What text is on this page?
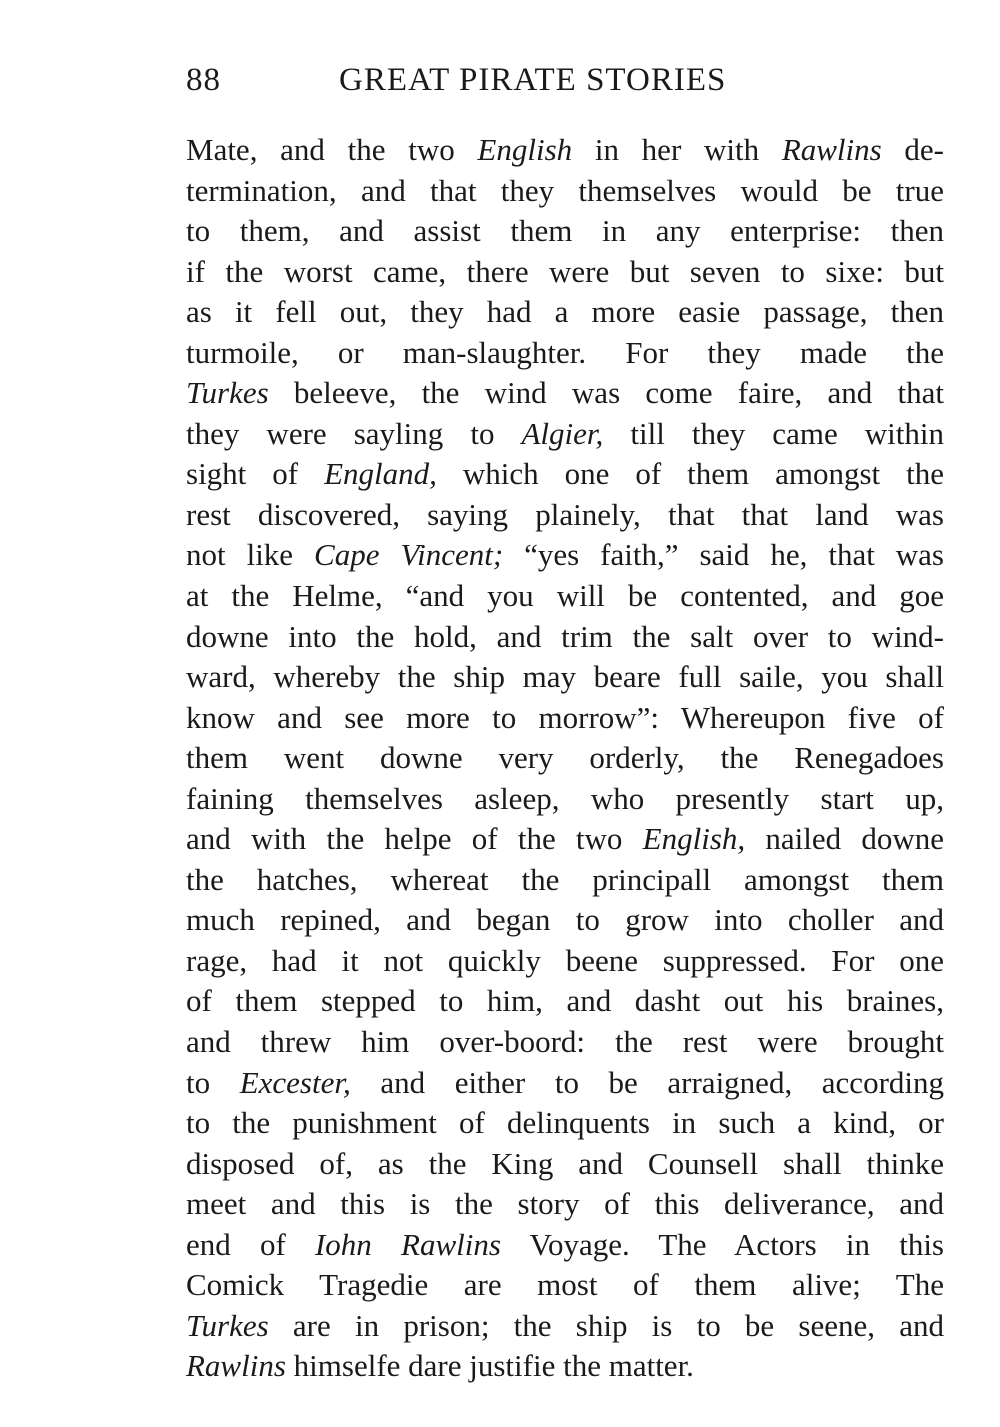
88	GREAT PIRATE STORIES
Mate, and the two English in her with Rawlins de-
termination, and that they themselves would be true
to them, and assist them in any enterprise: then
if the worst came, there were but seven to sixe: but
as it fell out, they had a more easie passage, then
turmoile, or man-slaughter. For they made the
Turkes beleeve, the wind was come faire, and that
they were sayling to Algier, till they came within
sight of England, which one of them amongst the
rest discovered, saying plainely, that that land was
not like Cape Vincent; “yes faith,” said he, that was
at the Helme, “and you will be contented, and goe
downe into the hold, and trim the salt over to wind-
ward, whereby the ship may beare full saile, you shall
know and see more to morrow”: Whereupon five of
them went downe very orderly, the Renegadoes
faining themselves asleep, who presently start up,
and with the helpe of the two English, nailed downe
the hatches, whereat the principall amongst them
much repined, and began to grow into choller and
rage, had it not quickly beene suppressed. For one
of them stepped to him, and dasht out his braines,
and threw him over-boord: the rest were brought
to Excester, and either to be arraigned, according
to the punishment of delinquents in such a kind, or
disposed of, as the King and Counsell shall thinke
meet and this is the story of this deliverance, and
end of Iohn Rawlins Voyage. The Actors in this
Comick Tragedie are most of them alive; The
Turkes are in prison; the ship is to be seene, and
Rawlins himselfe dare justifie the matter.
